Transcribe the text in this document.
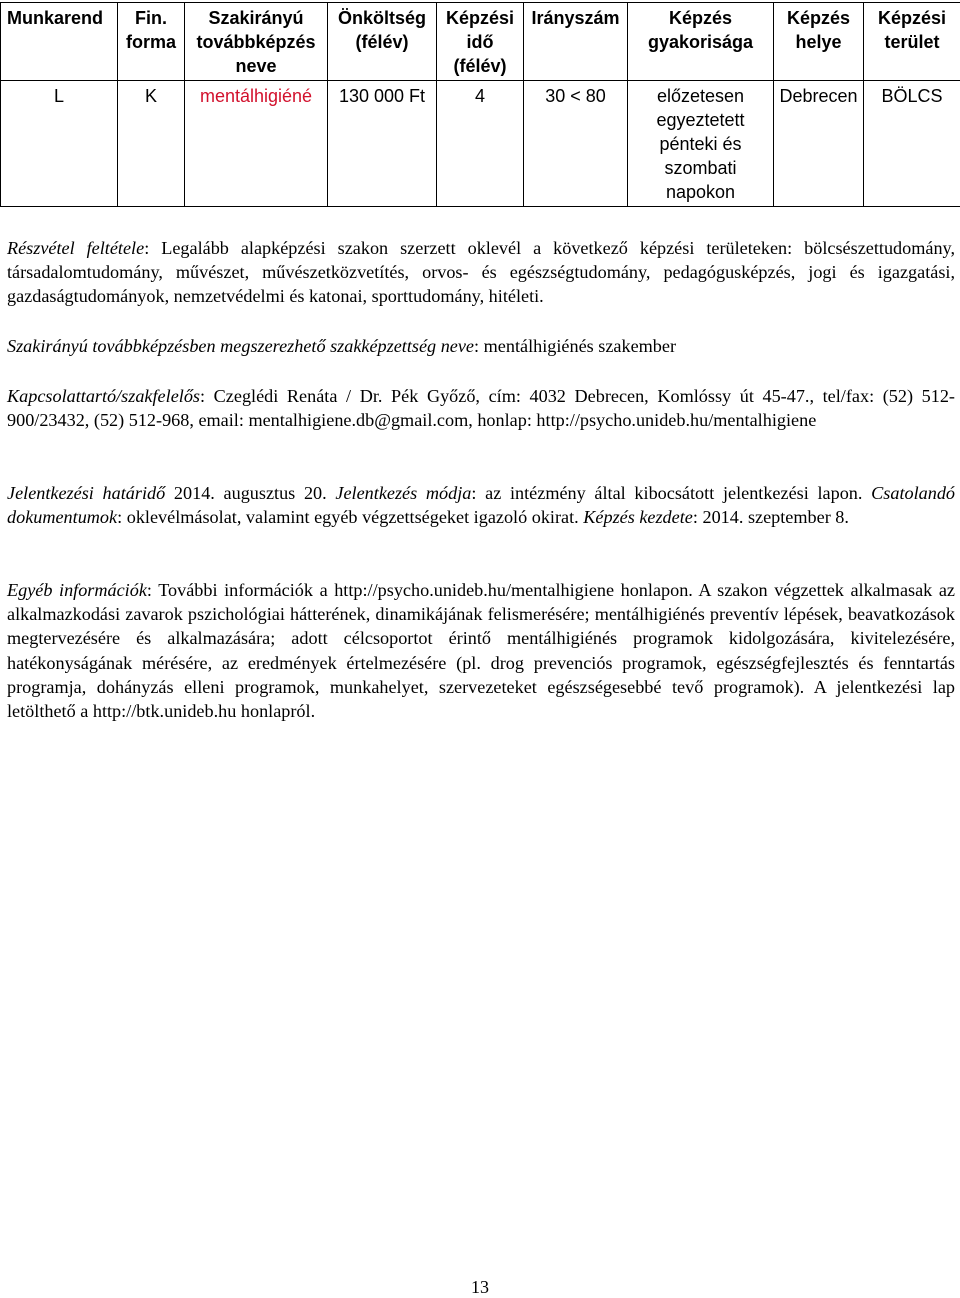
Munkarend	Fin. forma	Szakirányú továbbképzés neve	Önköltség (félév)	Képzési idő (félév)	Irányszám	Képzés gyakorisága	Képzés helye	Képzési terület
L	K	mentálhigiéné	130 000 Ft	4	30 < 80	előzetesen egyeztetett pénteki és szombati napokon	Debrecen	BÖLCS

Részvétel feltétele: Legalább alapképzési szakon szerzett oklevél a következő képzési területeken: bölcsészettudomány, társadalomtudomány, művészet, művészetközvetítés, orvos- és egészségtudomány, pedagógusképzés, jogi és igazgatási, gazdaságtudományok, nemzetvédelmi és katonai, sporttudomány, hitéleti.

Szakirányú továbbképzésben megszerezhető szakképzettség neve: mentálhigiénés szakember

Kapcsolattartó/szakfelelős: Czeglédi Renáta / Dr. Pék Győző, cím: 4032 Debrecen, Komlóssy út 45-47., tel/fax: (52) 512-900/23432, (52) 512-968, email: mentalhigiene.db@gmail.com, honlap: http://psycho.unideb.hu/mentalhigiene

Jelentkezési határidő 2014. augusztus 20. Jelentkezés módja: az intézmény által kibocsátott jelentkezési lapon. Csatolandó dokumentumok: oklevélmásolat, valamint egyéb végzettségeket igazoló okirat. Képzés kezdete: 2014. szeptember 8.

Egyéb információk: További információk a http://psycho.unideb.hu/mentalhigiene honlapon. A szakon végzettek alkalmasak az alkalmazkodási zavarok pszichológiai hátterének, dinamikájának felismerésére; mentálhigiénés preventív lépések, beavatkozások megtervezésére és alkalmazására; adott célcsoportot érintő mentálhigiénés programok kidolgozására, kivitelezésére, hatékonyságának mérésére, az eredmények értelmezésére (pl. drog prevenciós programok, egészségfejlesztés és fenntartás programja, dohányzás elleni programok, munkahelyet, szervezeteket egészségesebbé tevő programok). A jelentkezési lap letölthető a http://btk.unideb.hu honlapról.

13
